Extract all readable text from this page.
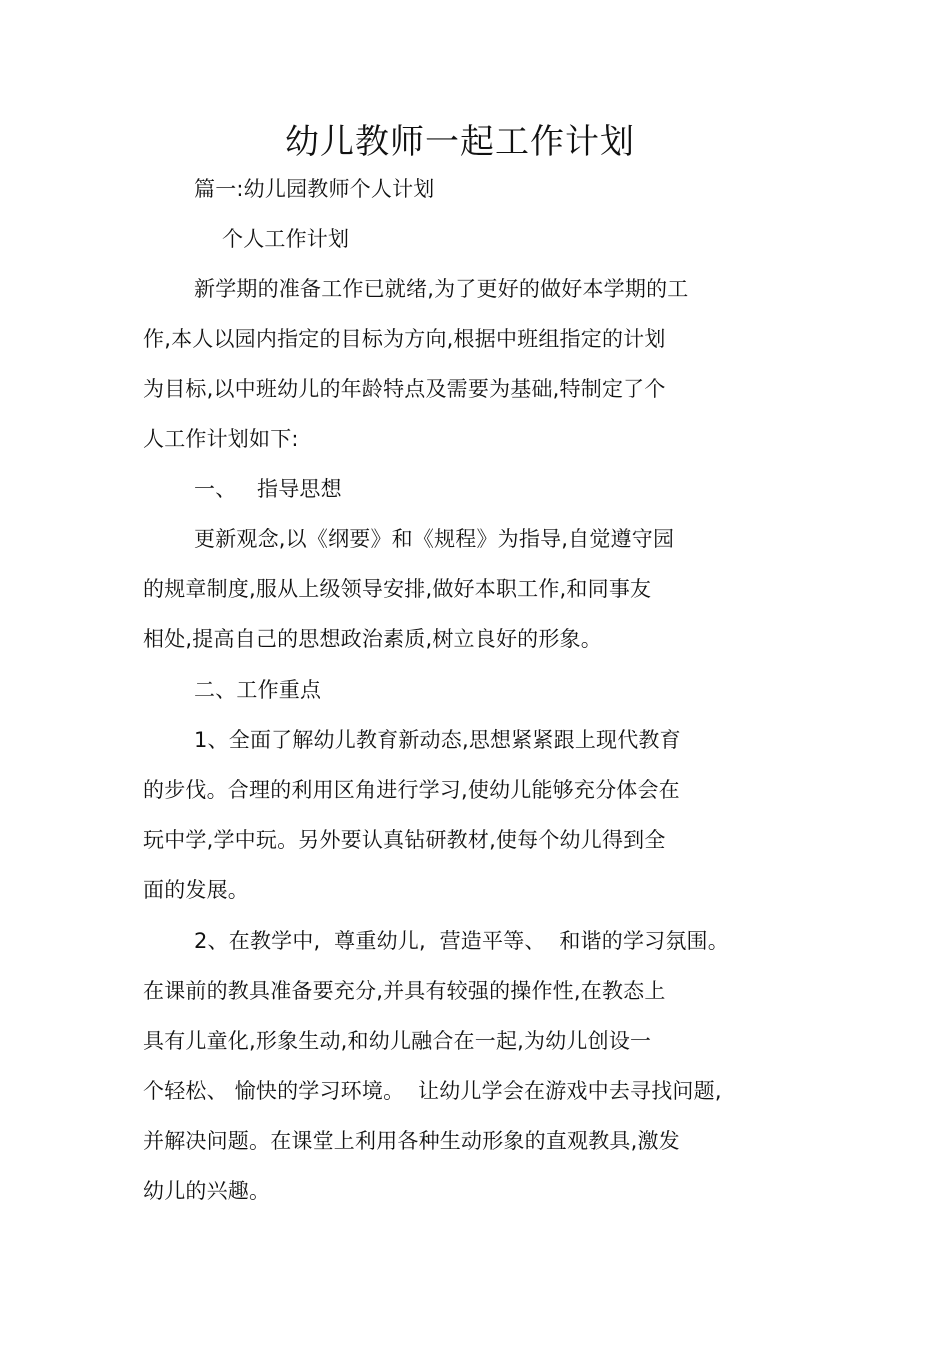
幼儿教师一起工作计划
篇一:幼儿园教师个人计划
个人工作计划
新学期的准备工作已就绪,为了更好的做好本学期的工
作,本人以园内指定的目标为方向,根据中班组指定的计划
为目标,以中班幼儿的年龄特点及需要为基础,特制定了个
人工作计划如下:
一、   指导思想
更新观念,以《纲要》和《规程》为指导,自觉遵守园
的规章制度,服从上级领导安排,做好本职工作,和同事友
相处,提高自己的思想政治素质,树立良好的形象。
二、工作重点
1、全面了解幼儿教育新动态,思想紧紧跟上现代教育
的步伐。合理的利用区角进行学习,使幼儿能够充分体会在
玩中学,学中玩。另外要认真钻研教材,使每个幼儿得到全
面的发展。
2、在教学中,  尊重幼儿,  营造平等、  和谐的学习氛围。
在课前的教具准备要充分,并具有较强的操作性,在教态上
具有儿童化,形象生动,和幼儿融合在一起,为幼儿创设一
个轻松、 愉快的学习环境。  让幼儿学会在游戏中去寻找问题,
并解决问题。在课堂上利用各种生动形象的直观教具,激发
幼儿的兴趣。
